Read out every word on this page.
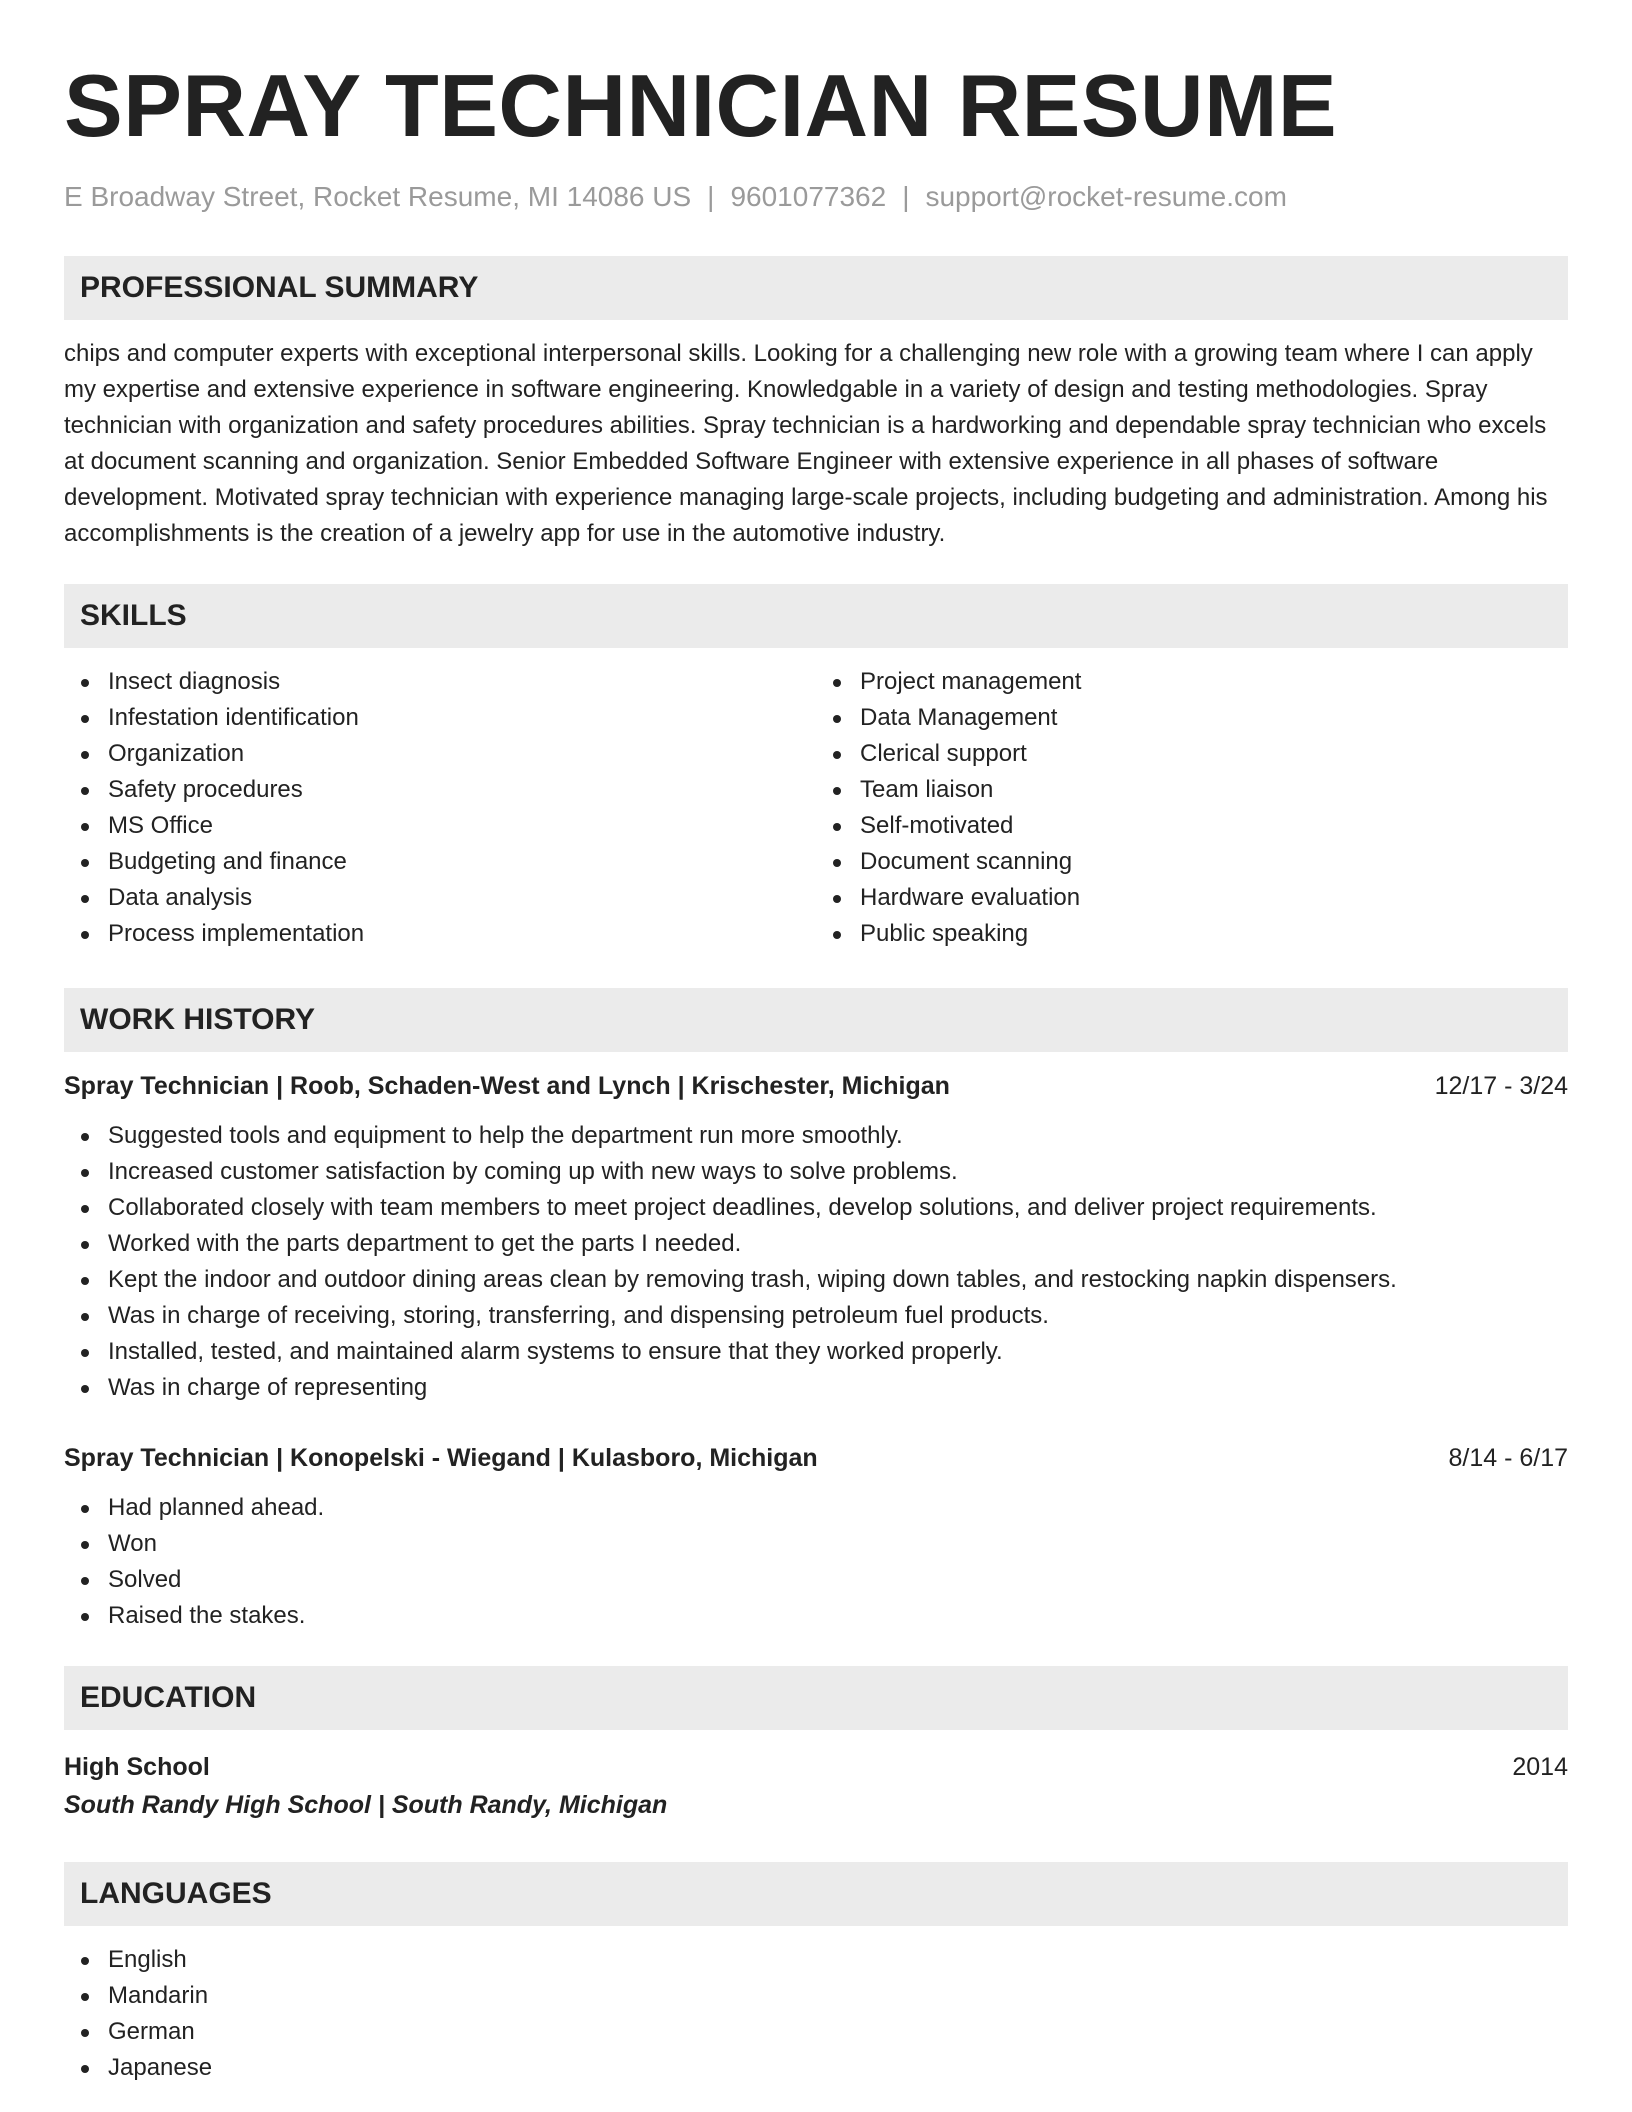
SPRAY TECHNICIAN RESUME
E Broadway Street, Rocket Resume, MI 14086 US | 9601077362 | support@rocket-resume.com
PROFESSIONAL SUMMARY

chips and computer experts with exceptional interpersonal skills. Looking for a challenging new role with a growing team where I can apply my expertise and extensive experience in software engineering. Knowledgable in a variety of design and testing methodologies. Spray technician with organization and safety procedures abilities. Spray technician is a hardworking and dependable spray technician who excels at document scanning and organization. Senior Embedded Software Engineer with extensive experience in all phases of software development. Motivated spray technician with experience managing large-scale projects, including budgeting and administration. Among his accomplishments is the creation of a jewelry app for use in the automotive industry.

SKILLS
Insect diagnosis
Infestation identification
Organization
Safety procedures
MS Office
Budgeting and finance
Data analysis
Process implementation
Project management
Data Management
Clerical support
Team liaison
Self-motivated
Document scanning
Hardware evaluation
Public speaking
WORK HISTORY
Spray Technician | Roob, Schaden-West and Lynch | Krischester, Michigan	12/17 - 3/24
Suggested tools and equipment to help the department run more smoothly.
Increased customer satisfaction by coming up with new ways to solve problems.
Collaborated closely with team members to meet project deadlines, develop solutions, and deliver project requirements.
Worked with the parts department to get the parts I needed.
Kept the indoor and outdoor dining areas clean by removing trash, wiping down tables, and restocking napkin dispensers.
Was in charge of receiving, storing, transferring, and dispensing petroleum fuel products.
Installed, tested, and maintained alarm systems to ensure that they worked properly.
Was in charge of representing
Spray Technician | Konopelski - Wiegand | Kulasboro, Michigan	8/14 - 6/17
Had planned ahead.
Won
Solved
Raised the stakes.
EDUCATION
High School	2014
South Randy High School | South Randy, Michigan
LANGUAGES
English
Mandarin
German
Japanese
